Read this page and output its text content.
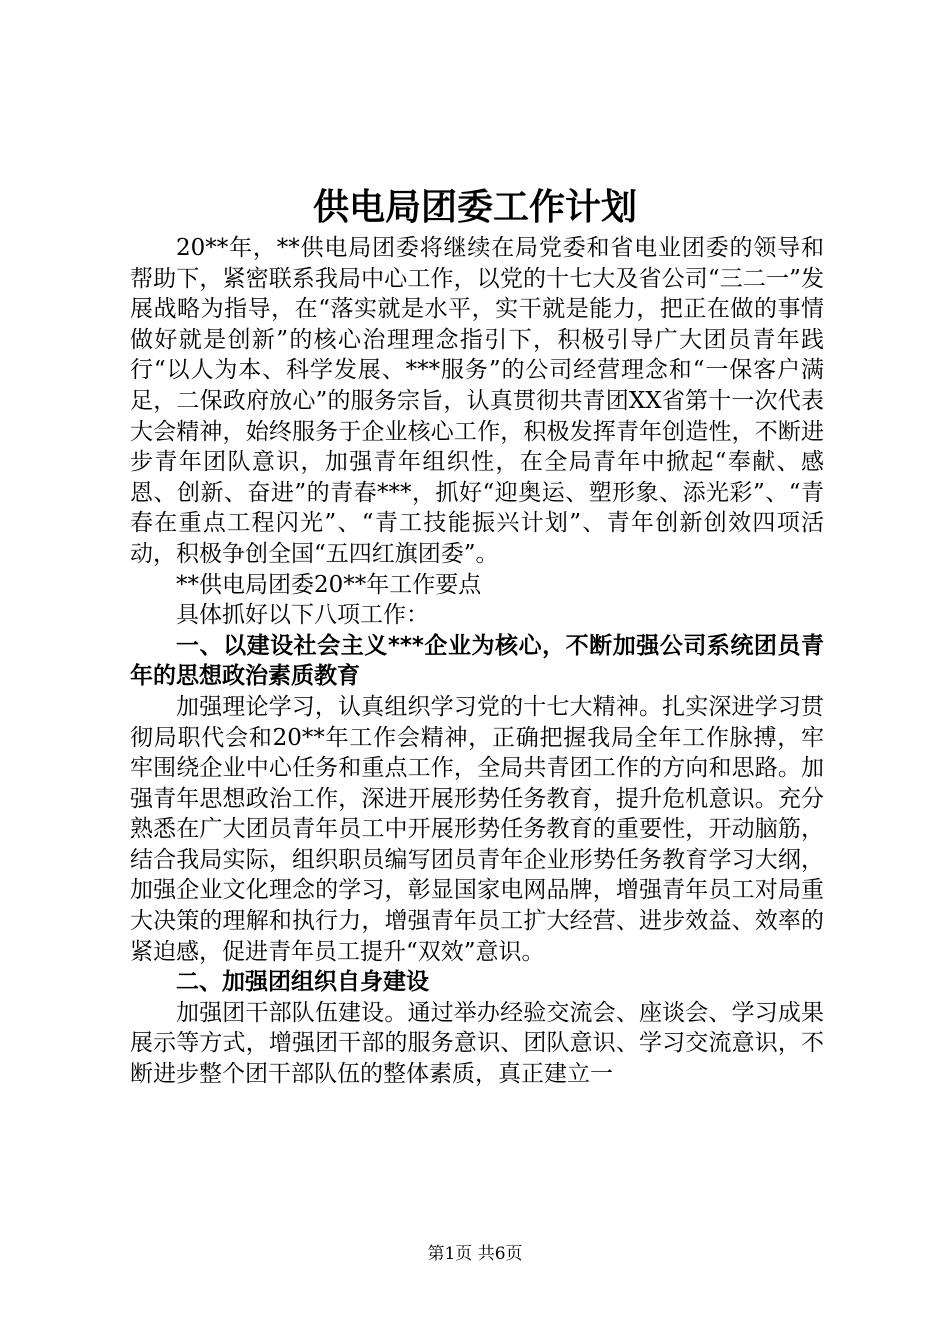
供电局团委工作计划

20**年，**供电局团委将继续在局党委和省电业团委的领导和帮助下，紧密联系我局中心工作，以党的十七大及省公司“三二一”发展战略为指导，在“落实就是水平，实干就是能力，把正在做的事情做好就是创新”的核心治理理念指引下，积极引导广大团员青年践行“以人为本、科学发展、***服务”的公司经营理念和“一保客户满足，二保政府放心”的服务宗旨，认真贯彻共青团XX省第十一次代表大会精神，始终服务于企业核心工作，积极发挥青年创造性，不断进步青年团队意识，加强青年组织性，在全局青年中掀起“奉献、感恩、创新、奋进”的青春***，抓好“迎奥运、塑形象、添光彩”、“青春在重点工程闪光”、“青工技能振兴计划”、青年创新创效四项活动，积极争创全国“五四红旗团委”。

**供电局团委20**年工作要点

具体抓好以下八项工作：

一、以建设社会主义***企业为核心，不断加强公司系统团员青年的思想政治素质教育

加强理论学习，认真组织学习党的十七大精神。扎实深进学习贯彻局职代会和20**年工作会精神，正确把握我局全年工作脉搏，牢牢围绕企业中心任务和重点工作，全局共青团工作的方向和思路。加强青年思想政治工作，深进开展形势任务教育，提升危机意识。充分熟悉在广大团员青年员工中开展形势任务教育的重要性，开动脑筋，结合我局实际，组织职员编写团员青年企业形势任务教育学习大纲，加强企业文化理念的学习，彰显国家电网品牌，增强青年员工对局重大决策的理解和执行力，增强青年员工扩大经营、进步效益、效率的紧迫感，促进青年员工提升“双效”意识。

二、加强团组织自身建设

加强团干部队伍建设。通过举办经验交流会、座谈会、学习成果展示等方式，增强团干部的服务意识、团队意识、学习交流意识，不断进步整个团干部队伍的整体素质，真正建立一

第1页 共6页
